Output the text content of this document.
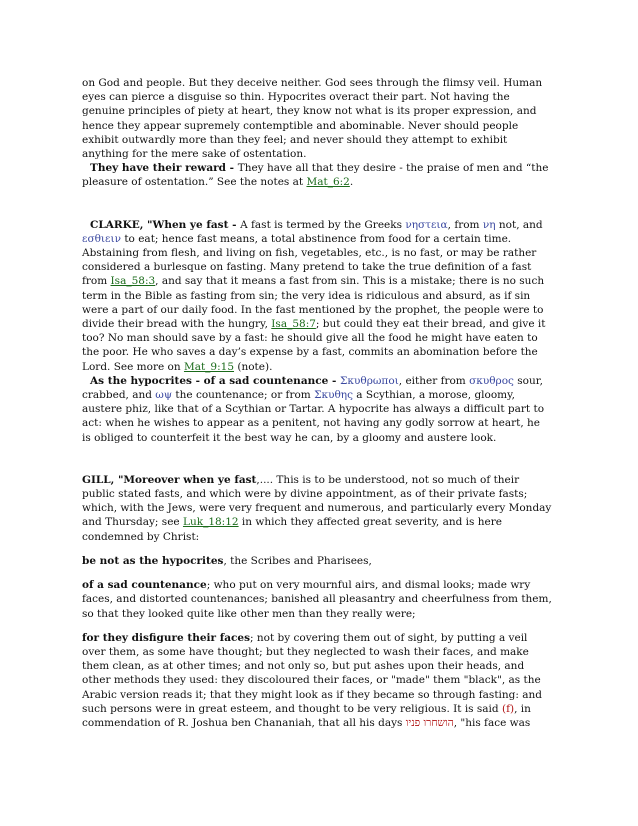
on God and people. But they deceive neither. God sees through the flimsy veil. Human eyes can pierce a disguise so thin. Hypocrites overact their part. Not having the genuine principles of piety at heart, they know not what is its proper expression, and hence they appear supremely contemptible and abominable. Never should people exhibit outwardly more than they feel; and never should they attempt to exhibit anything for the mere sake of ostentation.

They have their reward - They have all that they desire - the praise of men and “the pleasure of ostentation.” See the notes at Mat_6:2.

CLARKE, "When ye fast - A fast is termed by the Greeks νηστεια, from νη not, and εσθιειν to eat; hence fast means, a total abstinence from food for a certain time. Abstaining from flesh, and living on fish, vegetables, etc., is no fast, or may be rather considered a burlesque on fasting. Many pretend to take the true definition of a fast from Isa_58:3, and say that it means a fast from sin. This is a mistake; there is no such term in the Bible as fasting from sin; the very idea is ridiculous and absurd, as if sin were a part of our daily food. In the fast mentioned by the prophet, the people were to divide their bread with the hungry, Isa_58:7; but could they eat their bread, and give it too? No man should save by a fast: he should give all the food he might have eaten to the poor. He who saves a day’s expense by a fast, commits an abomination before the Lord. See more on Mat_9:15 (note).

As the hypocrites - of a sad countenance - Σκυθρωποι, either from σκυθρος sour, crabbed, and ωψ the countenance; or from Σκυθης a Scythian, a morose, gloomy, austere phiz, like that of a Scythian or Tartar. A hypocrite has always a difficult part to act: when he wishes to appear as a penitent, not having any godly sorrow at heart, he is obliged to counterfeit it the best way he can, by a gloomy and austere look.

GILL, "Moreover when ye fast,.... This is to be understood, not so much of their public stated fasts, and which were by divine appointment, as of their private fasts; which, with the Jews, were very frequent and numerous, and particularly every Monday and Thursday; see Luk_18:12 in which they affected great severity, and is here condemned by Christ:

be not as the hypocrites, the Scribes and Pharisees,

of a sad countenance; who put on very mournful airs, and dismal looks; made wry faces, and distorted countenances; banished all pleasantry and cheerfulness from them, so that they looked quite like other men than they really were;

for they disfigure their faces; not by covering them out of sight, by putting a veil over them, as some have thought; but they neglected to wash their faces, and make them clean, as at other times; and not only so, but put ashes upon their heads, and other methods they used: they discoloured their faces, or "made" them "black", as the Arabic version reads it; that they might look as if they became so through fasting: and such persons were in great esteem, and thought to be very religious. It is said (f), in commendation of R. Joshua ben Chananiah, that all his days הושחרו פניו, "his face was
